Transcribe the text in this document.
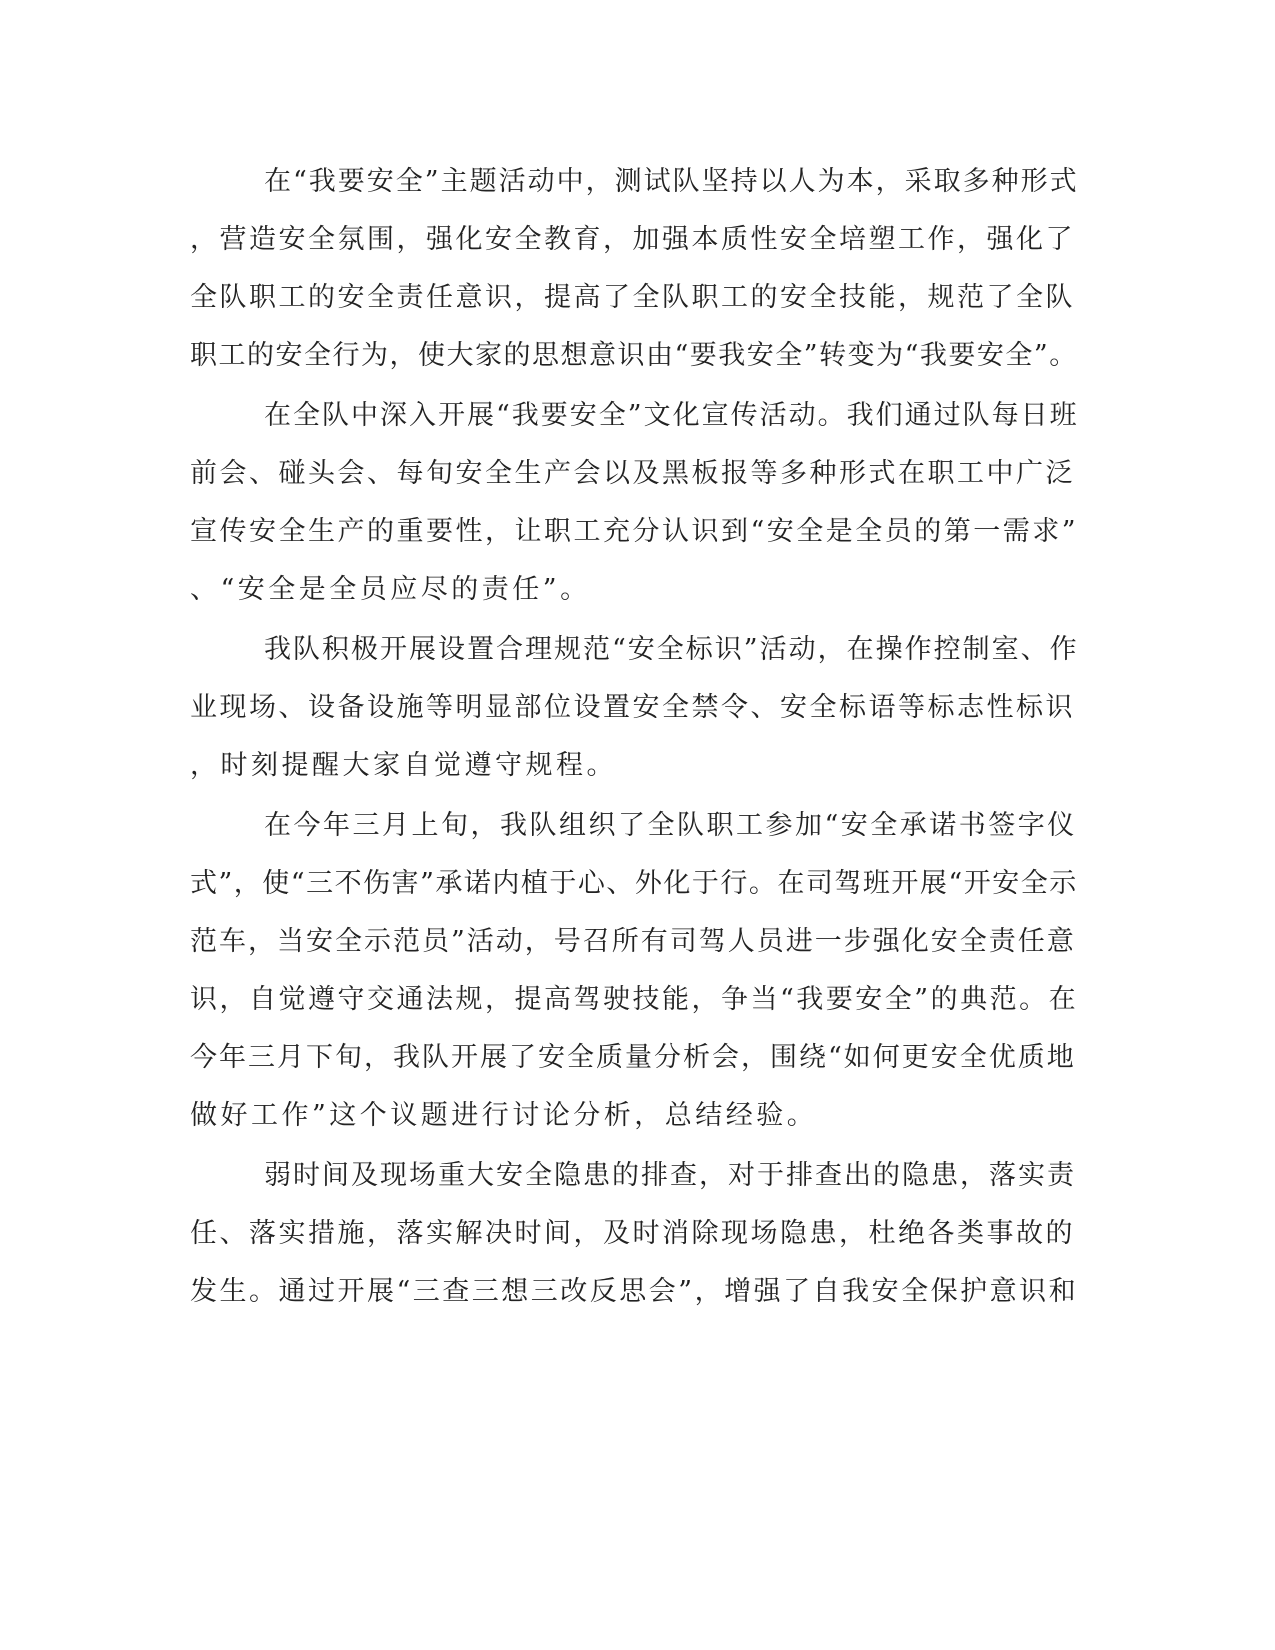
在“我要安全”主题活动中，测试队坚持以人为本，采取多种形式
，营造安全氛围，强化安全教育，加强本质性安全培塑工作，强化了
全队职工的安全责任意识，提高了全队职工的安全技能，规范了全队
职工的安全行为，使大家的思想意识由“要我安全”转变为“我要安全”。
在全队中深入开展“我要安全”文化宣传活动。我们通过队每日班
前会、碰头会、每旬安全生产会以及黑板报等多种形式在职工中广泛
宣传安全生产的重要性，让职工充分认识到“安全是全员的第一需求”
、“安全是全员应尽的责任”。
我队积极开展设置合理规范“安全标识”活动，在操作控制室、作
业现场、设备设施等明显部位设置安全禁令、安全标语等标志性标识
，时刻提醒大家自觉遵守规程。
在今年三月上旬，我队组织了全队职工参加“安全承诺书签字仪
式”，使“三不伤害”承诺内植于心、外化于行。在司驾班开展“开安全示
范车，当安全示范员”活动，号召所有司驾人员进一步强化安全责任意
识，自觉遵守交通法规，提高驾驶技能，争当“我要安全”的典范。在
今年三月下旬，我队开展了安全质量分析会，围绕“如何更安全优质地
做好工作”这个议题进行讨论分析，总结经验。
弱时间及现场重大安全隐患的排查，对于排查出的隐患，落实责
任、落实措施，落实解决时间，及时消除现场隐患，杜绝各类事故的
发生。通过开展“三查三想三改反思会”，增强了自我安全保护意识和
